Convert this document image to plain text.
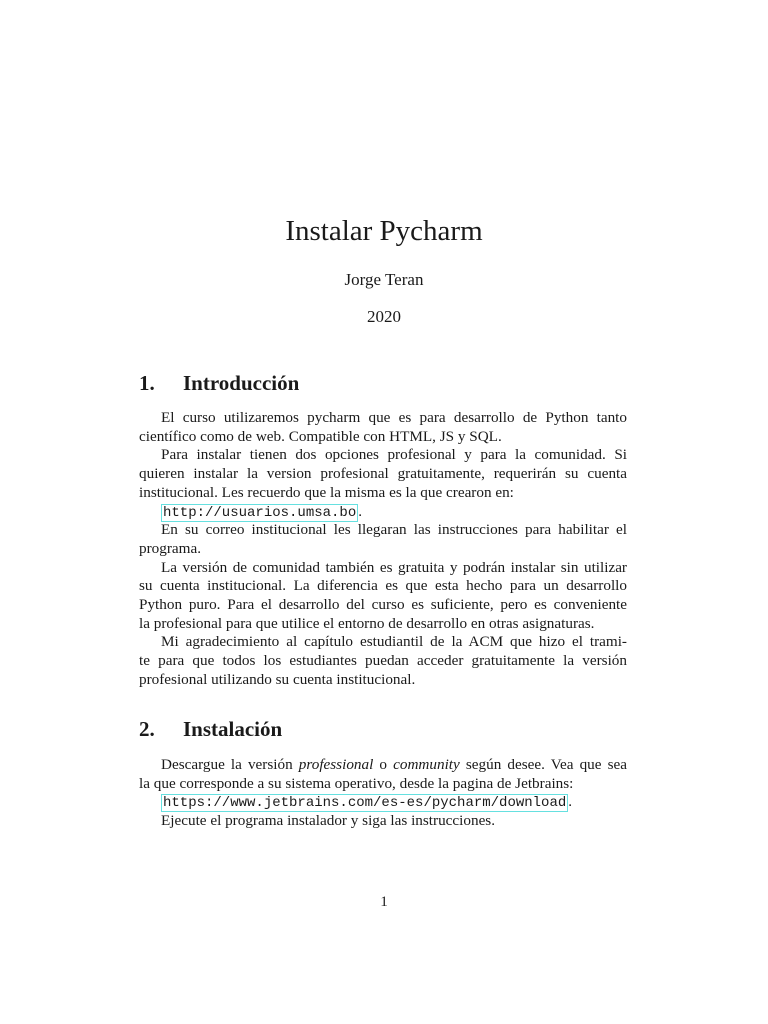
Instalar Pycharm
Jorge Teran
2020
1. Introducción
El curso utilizaremos pycharm que es para desarrollo de Python tanto
científico como de web. Compatible con HTML, JS y SQL.
Para instalar tienen dos opciones profesional y para la comunidad. Si
quieren instalar la version profesional gratuitamente, requerirán su cuenta
institucional. Les recuerdo que la misma es la que crearon en:
http://usuarios.umsa.bo .
En su correo institucional les llegaran las instrucciones para habilitar el
programa.
La versión de comunidad también es gratuita y podrán instalar sin utilizar
su cuenta institucional. La diferencia es que esta hecho para un desarrollo
Python puro. Para el desarrollo del curso es suficiente, pero es conveniente
la profesional para que utilice el entorno de desarrollo en otras asignaturas.
Mi agradecimiento al capítulo estudiantil de la ACM que hizo el trami-
te para que todos los estudiantes puedan acceder gratuitamente la versión
profesional utilizando su cuenta institucional.
2. Instalación
Descargue la versión professional o community según desee. Vea que sea
la que corresponde a su sistema operativo, desde la pagina de Jetbrains:
https://www.jetbrains.com/es-es/pycharm/download .
Ejecute el programa instalador y siga las instrucciones.
1
